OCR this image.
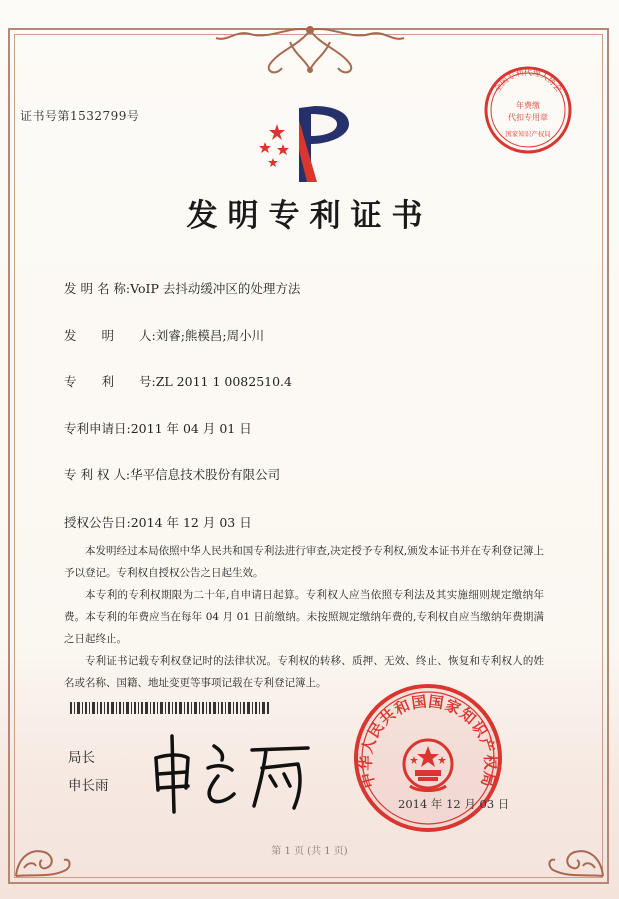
证书号第1532799号
发明专利证书
发 明 名 称:VoIP 去抖动缓冲区的处理方法
发　　明　　人:刘睿;熊模昌;周小川
专　　利　　号:ZL 2011 1 0082510.4
专利申请日:2011 年 04 月 01 日
专 利 权 人:华平信息技术股份有限公司
授权公告日:2014 年 12 月 03 日

本发明经过本局依照中华人民共和国专利法进行审查,决定授予专利权,颁发本证书并在专利登记簿上予以登记。专利权自授权公告之日起生效。

本专利的专利权期限为二十年,自申请日起算。专利权人应当依照专利法及其实施细则规定缴纳年费。本专利的年费应当在每年 04 月 01 日前缴纳。未按照规定缴纳年费的,专利权自应当缴纳年费期满之日起终止。

专利证书记载专利权登记时的法律状况。专利权的转移、质押、无效、终止、恢复和专利权人的姓名或名称、国籍、地址变更等事项记载在专利登记簿上。

局长
申长雨
全国专利代理人协会
年费缴
代扣专用章
国家知识产权局
中华人民共和国国家知识产权局
2014 年 12 月 03 日
第 1 页 (共 1 页)
